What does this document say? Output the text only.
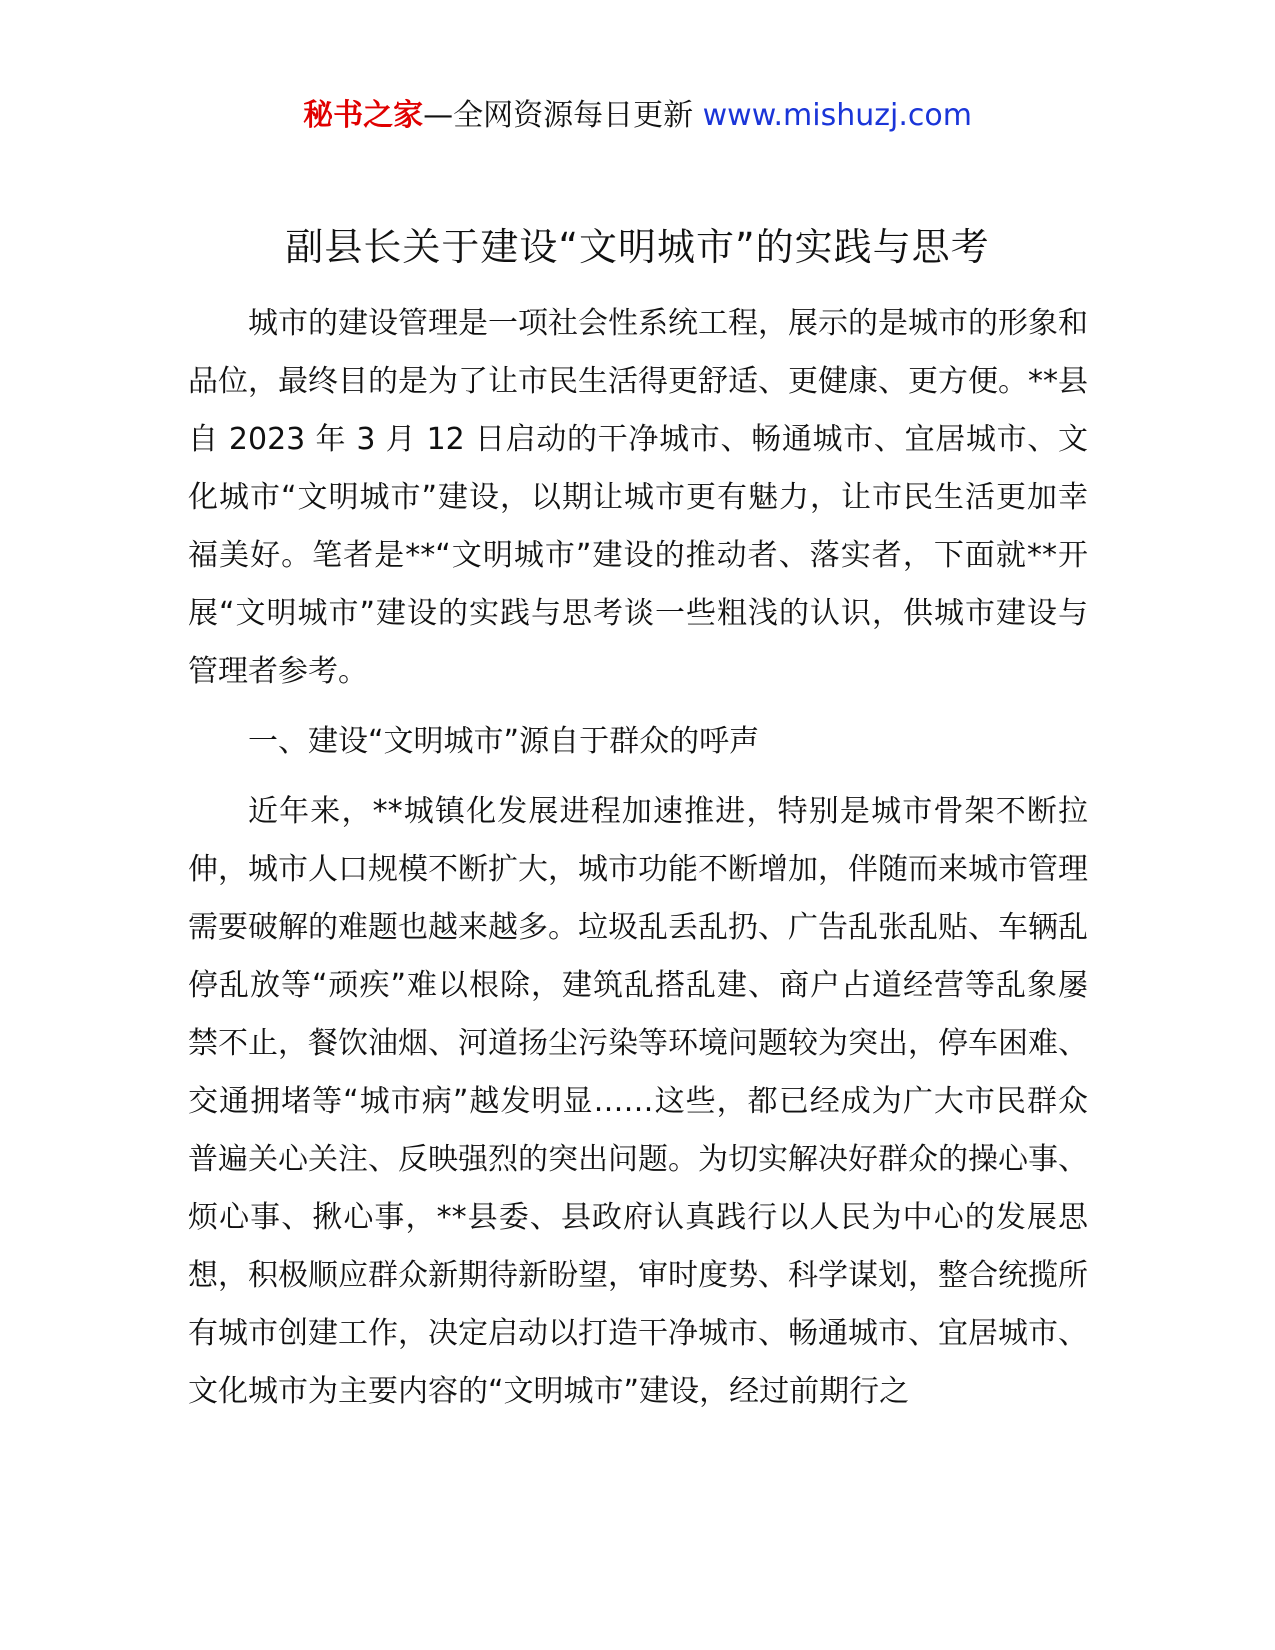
秘书之家—全网资源每日更新 www.mishuzj.com
副县长关于建设“文明城市”的实践与思考

城市的建设管理是一项社会性系统工程，展示的是城市的形象和品位，最终目的是为了让市民生活得更舒适、更健康、更方便。**县自 2023 年 3 月 12 日启动的干净城市、畅通城市、宜居城市、文化城市“文明城市”建设，以期让城市更有魅力，让市民生活更加幸福美好。笔者是**“文明城市”建设的推动者、落实者，下面就**开展“文明城市”建设的实践与思考谈一些粗浅的认识，供城市建设与管理者参考。

一、建设“文明城市”源自于群众的呼声

近年来，**城镇化发展进程加速推进，特别是城市骨架不断拉伸，城市人口规模不断扩大，城市功能不断增加，伴随而来城市管理需要破解的难题也越来越多。垃圾乱丢乱扔、广告乱张乱贴、车辆乱停乱放等“顽疾”难以根除，建筑乱搭乱建、商户占道经营等乱象屡禁不止，餐饮油烟、河道扬尘污染等环境问题较为突出，停车困难、交通拥堵等“城市病”越发明显……这些，都已经成为广大市民群众普遍关心关注、反映强烈的突出问题。为切实解决好群众的操心事、烦心事、揪心事，**县委、县政府认真践行以人民为中心的发展思想，积极顺应群众新期待新盼望，审时度势、科学谋划，整合统揽所有城市创建工作，决定启动以打造干净城市、畅通城市、宜居城市、文化城市为主要内容的“文明城市”建设，经过前期行之
